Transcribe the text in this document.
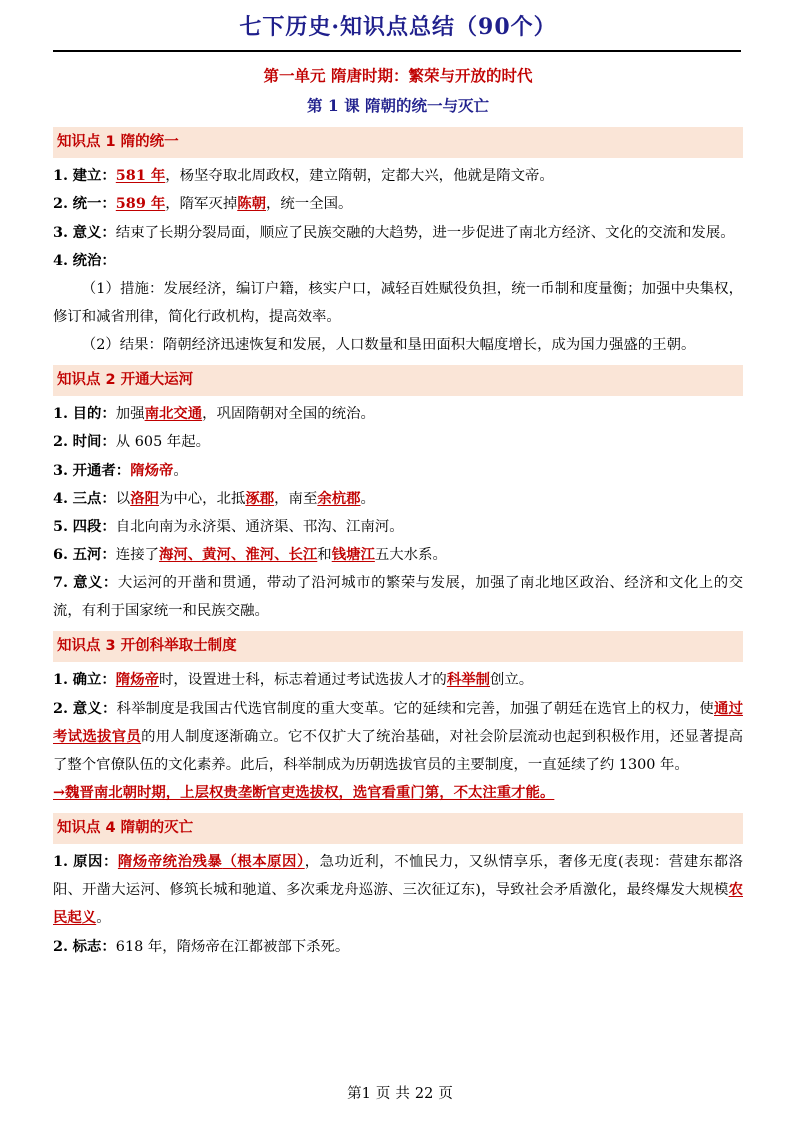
七下历史·知识点总结（90个）
第一单元 隋唐时期：繁荣与开放的时代
第 1 课 隋朝的统一与灭亡
知识点 1 隋的统一

1. 建立：581 年，杨坚夺取北周政权，建立隋朝，定都大兴，他就是隋文帝。

2. 统一：589 年，隋军灭掉陈朝，统一全国。

3. 意义：结束了长期分裂局面，顺应了民族交融的大趋势，进一步促进了南北方经济、文化的交流和发展。

4. 统治：

（1）措施：发展经济，编订户籍，核实户口，减轻百姓赋役负担，统一币制和度量衡；加强中央集权，修订和减省刑律，简化行政机构，提高效率。

（2）结果：隋朝经济迅速恢复和发展，人口数量和垦田面积大幅度增长，成为国力强盛的王朝。

知识点 2 开通大运河

1. 目的：加强南北交通，巩固隋朝对全国的统治。

2. 时间：从 605 年起。

3. 开通者：隋炀帝。

4. 三点：以洛阳为中心，北抵涿郡，南至余杭郡。

5. 四段：自北向南为永济渠、通济渠、邗沟、江南河。

6. 五河：连接了海河、黄河、淮河、长江和钱塘江五大水系。

7. 意义：大运河的开凿和贯通，带动了沿河城市的繁荣与发展，加强了南北地区政治、经济和文化上的交流，有利于国家统一和民族交融。

知识点 3 开创科举取士制度

1. 确立：隋炀帝时，设置进士科，标志着通过考试选拔人才的科举制创立。

2. 意义：科举制度是我国古代选官制度的重大变革。它的延续和完善，加强了朝廷在选官上的权力，使通过考试选拔官员的用人制度逐渐确立。它不仅扩大了统治基础，对社会阶层流动也起到积极作用，还显著提高了整个官僚队伍的文化素养。此后，科举制成为历朝选拔官员的主要制度，一直延续了约 1300 年。

→魏晋南北朝时期，上层权贵垄断官吏选拔权，选官看重门第，不太注重才能。

知识点 4 隋朝的灭亡

1. 原因：隋炀帝统治残暴（根本原因），急功近利，不恤民力，又纵情享乐，奢侈无度(表现：营建东都洛阳、开凿大运河、修筑长城和驰道、多次乘龙舟巡游、三次征辽东)，导致社会矛盾激化，最终爆发大规模农民起义。

2. 标志：618 年，隋炀帝在江都被部下杀死。

第1 页 共 22 页
